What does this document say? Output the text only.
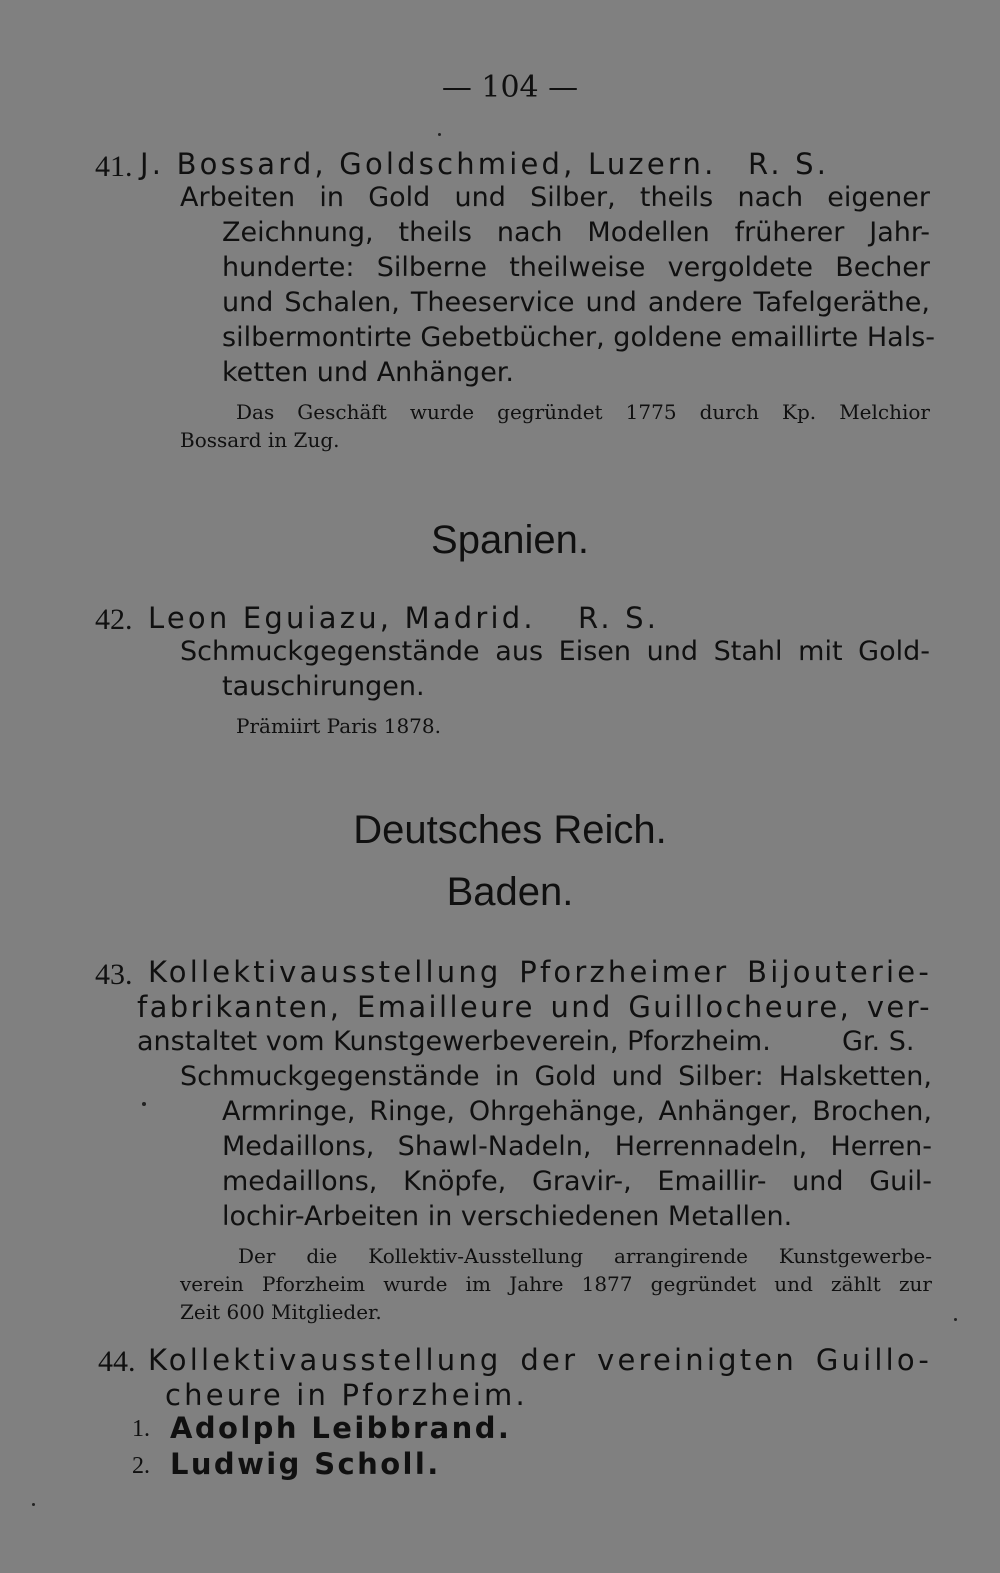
— 104 —
41. J. Bossard, Goldschmied, Luzern. R. S.
Arbeiten in Gold und Silber, theils nach eigener
Zeichnung, theils nach Modellen früherer Jahr-
hunderte: Silberne theilweise vergoldete Becher
und Schalen, Theeservice und andere Tafelgeräthe,
silbermontirte Gebetbücher, goldene emaillirte Hals-
ketten und Anhänger.
Das Geschäft wurde gegründet 1775 durch Kp. Melchior
Bossard in Zug.
Spanien.
42. Leon Eguiazu, Madrid. R. S.
Schmuckgegenstände aus Eisen und Stahl mit Gold-
tauschirungen.
Prämiirt Paris 1878.
Deutsches Reich.
Baden.
43. Kollektivausstellung Pforzheimer Bijouterie-
fabrikanten, Emailleure und Guillocheure, ver-
anstaltet vom Kunstgewerbeverein, Pforzheim.	Gr. S.
Schmuckgegenstände in Gold und Silber: Halsketten,
Armringe, Ringe, Ohrgehänge, Anhänger, Brochen,
Medaillons, Shawl-Nadeln, Herrennadeln, Herren-
medaillons, Knöpfe, Gravir-, Emaillir- und Guil-
lochir-Arbeiten in verschiedenen Metallen.
Der die Kollektiv-Ausstellung arrangirende Kunstgewerbe-
verein Pforzheim wurde im Jahre 1877 gegründet und zählt zur
Zeit 600 Mitglieder.
44. Kollektivausstellung der vereinigten Guillo-
cheure in Pforzheim.
1. Adolph Leibbrand.
2. Ludwig Scholl.
